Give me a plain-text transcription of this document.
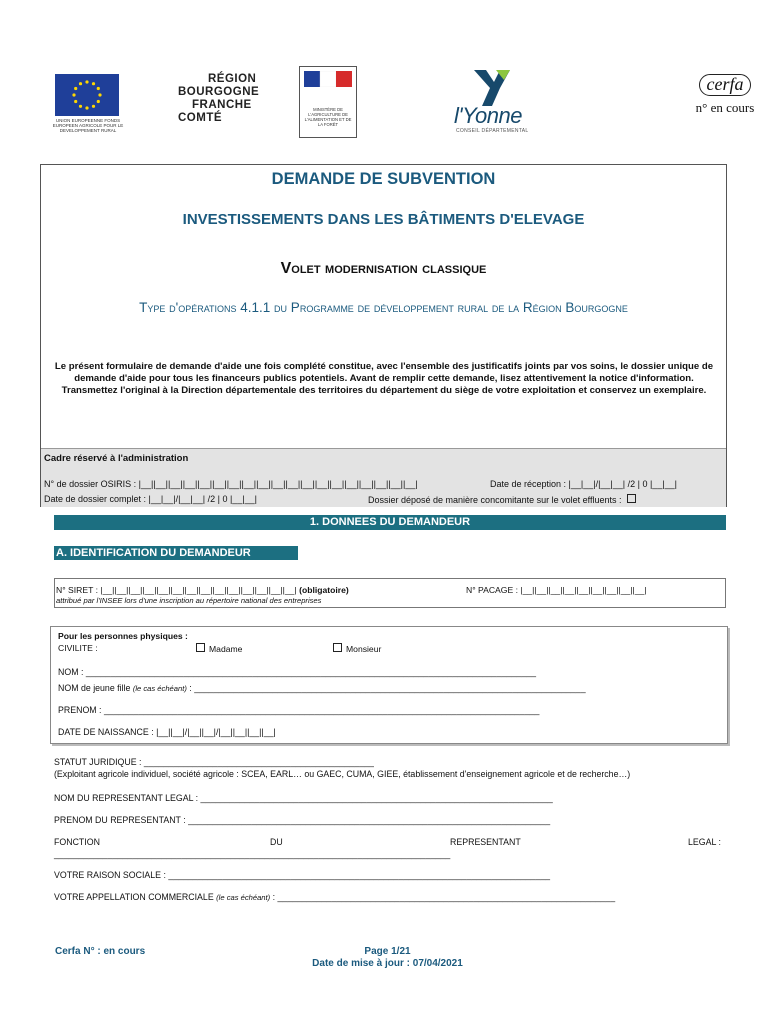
UNION EUROPEENNE FONDS EUROPEEN AGRICOLE POUR LE DEVELOPPEMENT RURAL
RÉGION
BOURGOGNE
FRANCHE
COMTÉ
MINISTÈRE DE L'AGRICULTURE DE L'ALIMENTATION ET DE LA FORÊT	l'Yonne
CONSEIL DÉPARTEMENTAL
cerfa
n° en cours
DEMANDE DE SUBVENTION
INVESTISSEMENTS DANS LES BÂTIMENTS D'ELEVAGE
Volet modernisation classique
Type d'opérations 4.1.1 du Programme de développement rural de la Région Bourgogne
Le présent formulaire de demande d'aide une fois complété constitue, avec l'ensemble des justificatifs joints par vos soins, le dossier unique de demande d'aide pour tous les financeurs publics potentiels. Avant de remplir cette demande, lisez attentivement la notice d'information.
Transmettez l'original à la Direction départementale des territoires du département du siège de votre exploitation et conservez un exemplaire.
Cadre réservé à l'administration
N° de dossier OSIRIS : |__||__||__||__||__||__||__||__||__||__||__||__||__||__||__||__||__||__||__|	Date de réception : |__|__|/|__|__| /2 | 0 |__|__|
Date de dossier complet : |__|__|/|__|__| /2 | 0 |__|__|	Dossier déposé de manière concomitante sur le volet effluents :
1. DONNEES DU DEMANDEUR
A. IDENTIFICATION DU DEMANDEUR
N° SIRET : |__||__||__||__||__||__||__||__||__||__||__||__||__||__| (obligatoire)
attribué par l'INSEE lors d'une inscription au répertoire national des entreprises
N° PACAGE : |__||__||__||__||__||__||__||__||__|
Pour les personnes physiques :
CIVILITE :	Madame	Monsieur
NOM : ____________________________________________________________________________________________
NOM de jeune fille (le cas échéant) : ________________________________________________________________________________
PRENOM : _________________________________________________________________________________________
DATE DE NAISSANCE : |__||__|/|__||__|/|__||__||__||__|
STATUT JURIDIQUE : _______________________________________________
(Exploitant agricole individuel, société agricole : SCEA, EARL… ou GAEC, CUMA, GIEE, établissement d'enseignement agricole et de recherche…)
NOM DU REPRESENTANT LEGAL : ________________________________________________________________________
PRENOM DU REPRESENTANT : __________________________________________________________________________
FONCTION	DU	REPRESENTANT	LEGAL :
_________________________________________________________________________________
VOTRE RAISON SOCIALE : ______________________________________________________________________________
VOTRE APPELLATION COMMERCIALE (le cas échéant) : _____________________________________________________________________
Cerfa N° : en cours	Page 1/21
Date de mise à jour : 07/04/2021
